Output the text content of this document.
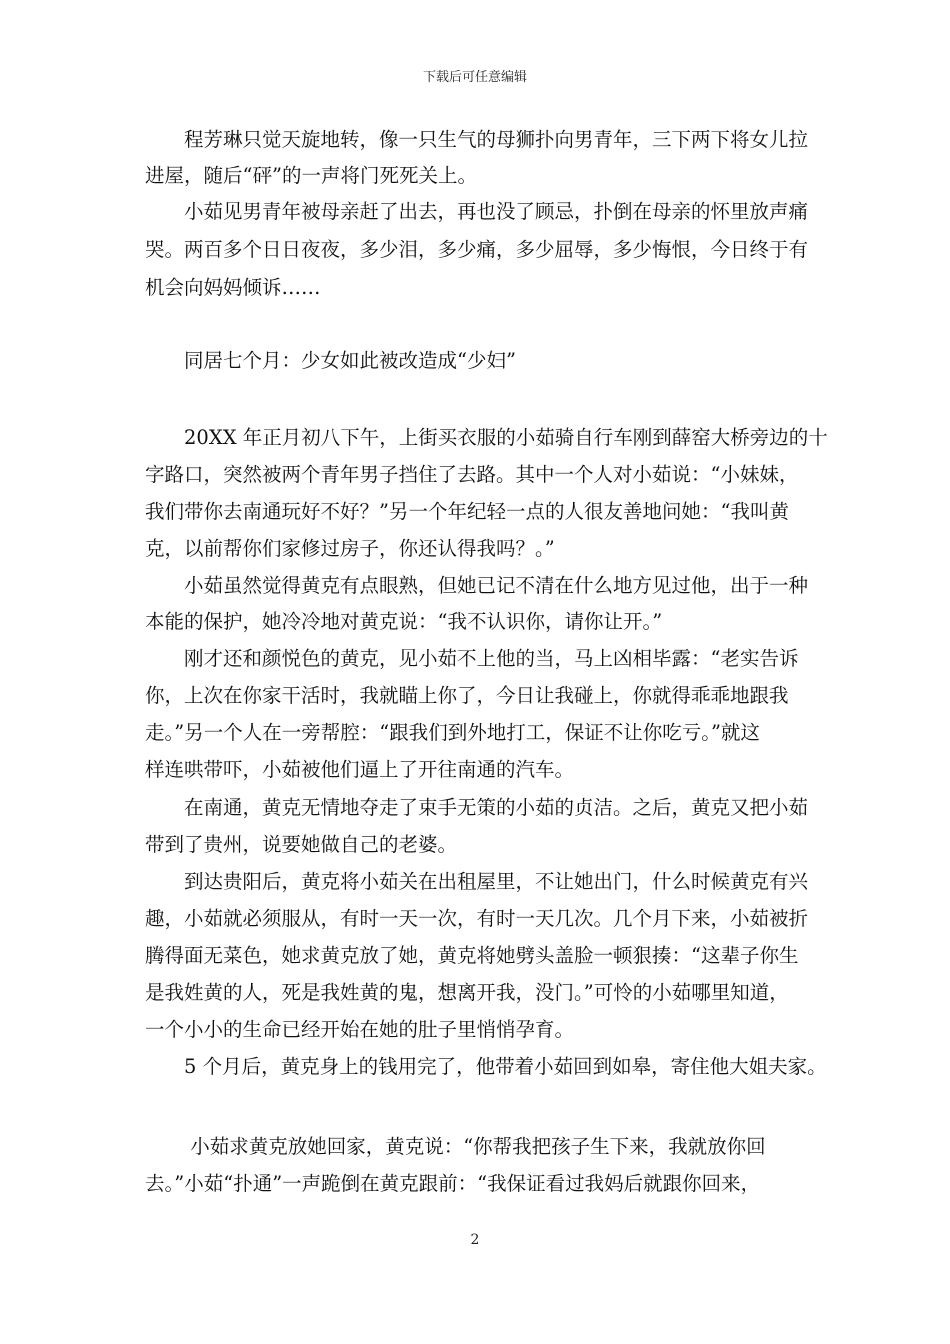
下载后可任意编辑
　　程芳琳只觉天旋地转，像一只生气的母狮扑向男青年，三下两下将女儿拉
进屋，随后“砰”的一声将门死死关上。
　　小茹见男青年被母亲赶了出去，再也没了顾忌，扑倒在母亲的怀里放声痛
哭。两百多个日日夜夜，多少泪，多少痛，多少屈辱，多少悔恨，今日终于有
机会向妈妈倾诉……
　　同居七个月：少女如此被改造成“少妇”
　　20XX 年正月初八下午，上街买衣服的小茹骑自行车刚到薛窑大桥旁边的十
字路口，突然被两个青年男子挡住了去路。其中一个人对小茹说：“小妹妹，
我们带你去南通玩好不好？”另一个年纪轻一点的人很友善地问她：“我叫黄
克，以前帮你们家修过房子，你还认得我吗？。”
　　小茹虽然觉得黄克有点眼熟，但她已记不清在什么地方见过他，出于一种
本能的保护，她冷冷地对黄克说：“我不认识你，请你让开。”
　　刚才还和颜悦色的黄克，见小茹不上他的当，马上凶相毕露：“老实告诉
你，上次在你家干活时，我就瞄上你了，今日让我碰上，你就得乖乖地跟我
走。”另一个人在一旁帮腔：“跟我们到外地打工，保证不让你吃亏。”就这
样连哄带吓，小茹被他们逼上了开往南通的汽车。
　　在南通，黄克无情地夺走了束手无策的小茹的贞洁。之后，黄克又把小茹
带到了贵州，说要她做自己的老婆。
　　到达贵阳后，黄克将小茹关在出租屋里，不让她出门，什么时候黄克有兴
趣，小茹就必须服从，有时一天一次，有时一天几次。几个月下来，小茹被折
腾得面无菜色，她求黄克放了她，黄克将她劈头盖脸一顿狠揍：“这辈子你生
是我姓黄的人，死是我姓黄的鬼，想离开我，没门。”可怜的小茹哪里知道，
一个小小的生命已经开始在她的肚子里悄悄孕育。
　　5 个月后，黄克身上的钱用完了，他带着小茹回到如皋，寄住他大姐夫家。
　　 小茹求黄克放她回家，黄克说：“你帮我把孩子生下来，我就放你回
去。”小茹“扑通”一声跪倒在黄克跟前：“我保证看过我妈后就跟你回来，
2
